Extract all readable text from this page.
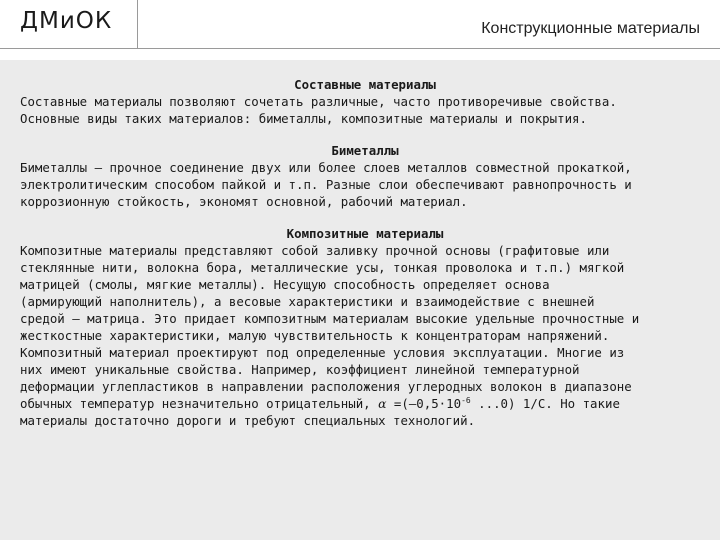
ДМиОК	Конструкционные материалы
Составные материалы
Составные материалы позволяют сочетать различные, часто противоречивые свойства.
Основные виды таких материалов: биметаллы, композитные материалы и покрытия.
Биметаллы
Биметаллы – прочное соединение двух или более слоев металлов совместной прокаткой,
электролитическим способом пайкой и т.п. Разные слои обеспечивают равнопрочность и
коррозионную стойкость, экономят основной, рабочий материал.
Композитные материалы
Композитные материалы представляют собой заливку прочной основы (графитовые или
стеклянные нити, волокна бора, металлические усы, тонкая проволока и т.п.) мягкой
матрицей (смолы, мягкие металлы). Несущую способность определяет основа
(армирующий наполнитель), а весовые характеристики и взаимодействие с внешней
средой – матрица. Это придает композитным материалам высокие удельные прочностные и
жесткостные характеристики, малую чувствительность к концентраторам напряжений.
Композитный материал проектируют под определенные условия эксплуатации. Многие из
них имеют уникальные свойства. Например, коэффициент линейной температурной
деформации углепластиков в направлении расположения углеродных волокон в диапазоне
обычных температур незначительно отрицательный, $\alpha =(-0,5\cdot 10^{-6}$ ...0) 1/C. Но такие
материалы достаточно дороги и требуют специальных технологий.
